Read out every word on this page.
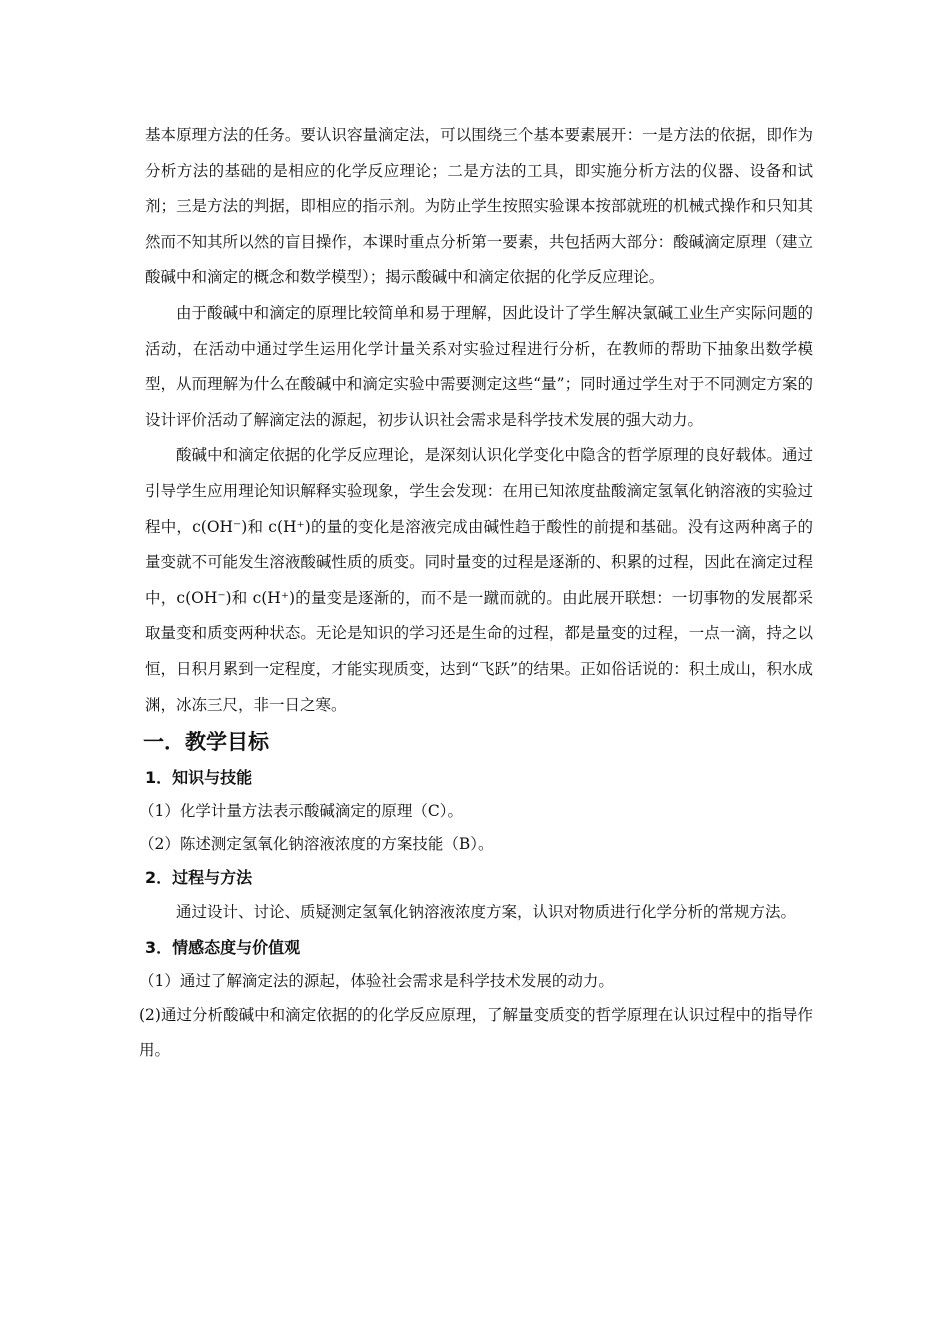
基本原理方法的任务。要认识容量滴定法，可以围绕三个基本要素展开：一是方法的依据，即作为分析方法的基础的是相应的化学反应理论；二是方法的工具，即实施分析方法的仪器、设备和试剂；三是方法的判据，即相应的指示剂。为防止学生按照实验课本按部就班的机械式操作和只知其然而不知其所以然的盲目操作，本课时重点分析第一要素，共包括两大部分：酸碱滴定原理（建立酸碱中和滴定的概念和数学模型）；揭示酸碱中和滴定依据的化学反应理论。

由于酸碱中和滴定的原理比较简单和易于理解，因此设计了学生解决氯碱工业生产实际问题的活动，在活动中通过学生运用化学计量关系对实验过程进行分析，在教师的帮助下抽象出数学模型，从而理解为什么在酸碱中和滴定实验中需要测定这些“量”；同时通过学生对于不同测定方案的设计评价活动了解滴定法的源起，初步认识社会需求是科学技术发展的强大动力。

酸碱中和滴定依据的化学反应理论，是深刻认识化学变化中隐含的哲学原理的良好载体。通过引导学生应用理论知识解释实验现象，学生会发现：在用已知浓度盐酸滴定氢氧化钠溶液的实验过程中，c(OH⁻)和 c(H⁺)的量的变化是溶液完成由碱性趋于酸性的前提和基础。没有这两种离子的量变就不可能发生溶液酸碱性质的质变。同时量变的过程是逐渐的、积累的过程，因此在滴定过程中，c(OH⁻)和 c(H⁺)的量变是逐渐的，而不是一蹴而就的。由此展开联想：一切事物的发展都采取量变和质变两种状态。无论是知识的学习还是生命的过程，都是量变的过程，一点一滴，持之以恒，日积月累到一定程度，才能实现质变，达到“飞跃”的结果。正如俗话说的：积土成山，积水成渊，冰冻三尺，非一日之寒。

一．教学目标
1．知识与技能

（1）化学计量方法表示酸碱滴定的原理（C）。

（2）陈述测定氢氧化钠溶液浓度的方案技能（B）。

2．过程与方法

通过设计、讨论、质疑测定氢氧化钠溶液浓度方案，认识对物质进行化学分析的常规方法。

3．情感态度与价值观

（1）通过了解滴定法的源起，体验社会需求是科学技术发展的动力。

(2)通过分析酸碱中和滴定依据的的化学反应原理，了解量变质变的哲学原理在认识过程中的指导作用。
